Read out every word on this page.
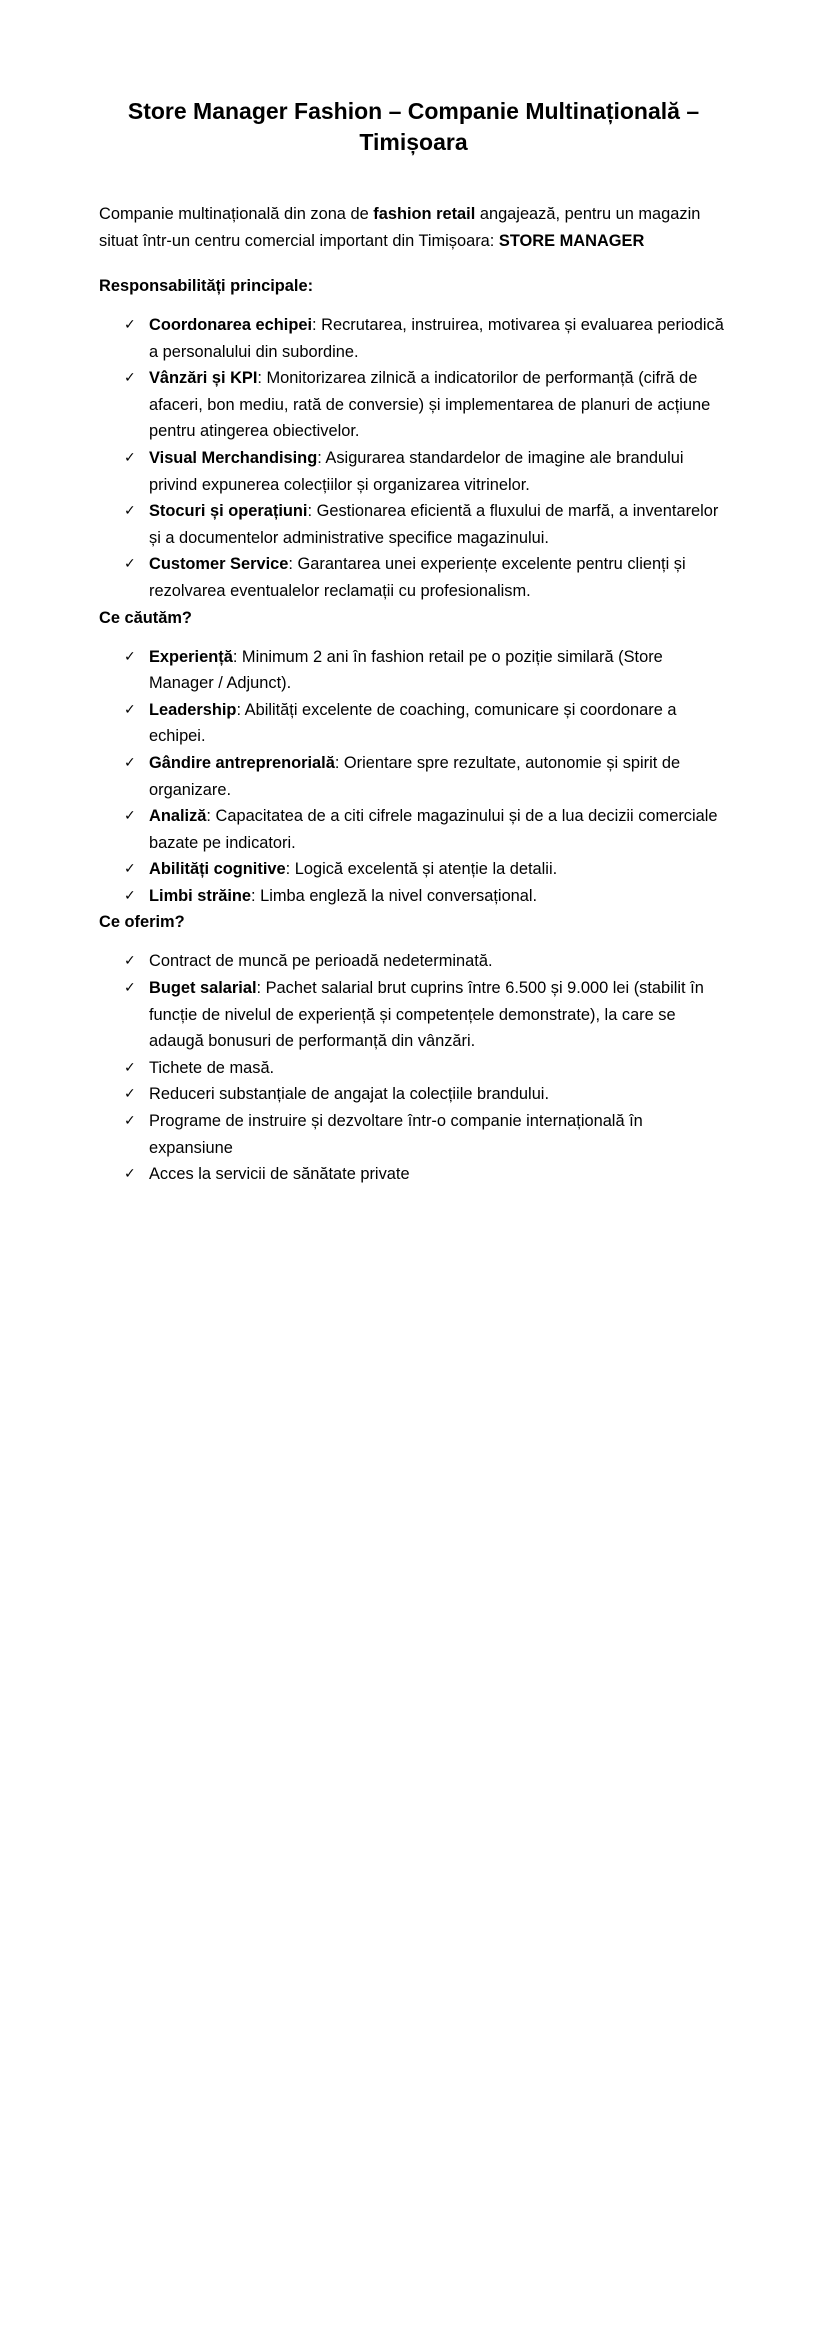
Store Manager Fashion – Companie Multinațională – Timișoara

Companie multinațională din zona de fashion retail angajează, pentru un magazin situat într-un centru comercial important din Timișoara: STORE MANAGER

Responsabilități principale:

✓ Coordonarea echipei: Recrutarea, instruirea, motivarea și evaluarea periodică a personalului din subordine.
✓ Vânzări și KPI: Monitorizarea zilnică a indicatorilor de performanță (cifră de afaceri, bon mediu, rată de conversie) și implementarea de planuri de acțiune pentru atingerea obiectivelor.
✓ Visual Merchandising: Asigurarea standardelor de imagine ale brandului privind expunerea colecțiilor și organizarea vitrinelor.
✓ Stocuri și operațiuni: Gestionarea eficientă a fluxului de marfă, a inventarelor și a documentelor administrative specifice magazinului.
✓ Customer Service: Garantarea unei experiențe excelente pentru clienți și rezolvarea eventualelor reclamații cu profesionalism.

Ce căutăm?

✓ Experiență: Minimum 2 ani în fashion retail pe o poziție similară (Store Manager / Adjunct).
✓ Leadership: Abilități excelente de coaching, comunicare și coordonare a echipei.
✓ Gândire antreprenorială: Orientare spre rezultate, autonomie și spirit de organizare.
✓ Analiză: Capacitatea de a citi cifrele magazinului și de a lua decizii comerciale bazate pe indicatori.
✓ Abilități cognitive: Logică excelentă și atenție la detalii.
✓ Limbi străine: Limba engleză la nivel conversațional.

Ce oferim?

✓ Contract de muncă pe perioadă nedeterminată.
✓ Buget salarial: Pachet salarial brut cuprins între 6.500 și 9.000 lei (stabilit în funcție de nivelul de experiență și competențele demonstrate), la care se adaugă bonusuri de performanță din vânzări.
✓ Tichete de masă.
✓ Reduceri substanțiale de angajat la colecțiile brandului.
✓ Programe de instruire și dezvoltare într-o companie internațională în expansiune
✓ Acces la servicii de sănătate private
